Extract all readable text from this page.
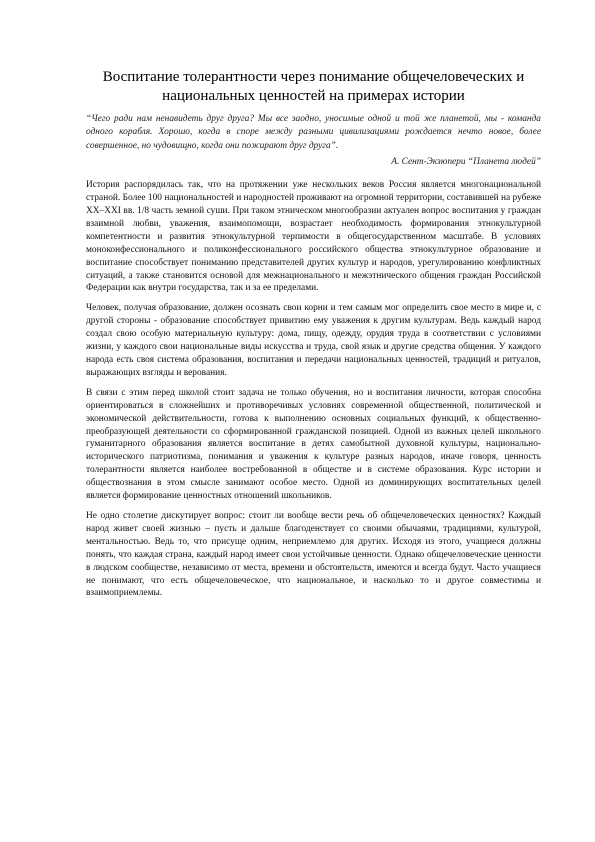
Воспитание толерантности через понимание общечеловеческих и национальных ценностей на примерах истории

“Чего ради нам ненавидеть друг друга? Мы все заодно, уносимые одной и той же планетой, мы - команда одного корабля. Хорошо, когда в споре между разными цивилизациями рождается нечто новое, более совершенное, но чудовищно, когда они пожирают друг друга”.

А. Сент-Экзюпери “Планета людей”

История распорядилась так, что на протяжении уже нескольких веков Россия является многонациональной страной. Более 100 национальностей и народностей проживают на огромной территории, составившей на рубеже XX–XXI вв. 1/8 часть земной суши. При таком этническом многообразии актуален вопрос воспитания у граждан взаимной любви, уважения, взаимопомощи, возрастает необходимость формирования этнокультурной компетентности и развития этнокультурной терпимости в общегосударственном масштабе. В условиях моноконфессионального и поликонфессионального российского общества этнокультурное образование и воспитание способствует пониманию представителей других культур и народов, урегулированию конфликтных ситуаций, а также становится основой для межнационального и межэтнического общения граждан Российской Федерации как внутри государства, так и за ее пределами.

Человек, получая образование, должен осознать свои корни и тем самым мог определить свое место в мире и, с другой стороны - образование способствует привитию ему уважения к другим культурам. Ведь каждый народ создал свою особую материальную культуру: дома, пищу, одежду, орудия труда в соответствии с условиями жизни, у каждого свои национальные виды искусства и труда, свой язык и другие средства общения. У каждого народа есть своя система образования, воспитания и передачи национальных ценностей, традиций и ритуалов, выражающих взгляды и верования.

В связи с этим перед школой стоит задача не только обучения, но и воспитания личности, которая способна ориентироваться в сложнейших и противоречивых условиях современной общественной, политической и экономической действительности, готова к выполнению основных социальных функций, к общественно-преобразующей деятельности со сформированной гражданской позицией. Одной из важных целей школьного гуманитарного образования является воспитание в детях самобытной духовной культуры, национально-исторического патриотизма, понимания и уважения к культуре разных народов, иначе говоря, ценность толерантности является наиболее востребованной в обществе и в системе образования. Курс истории и обществознания в этом смысле занимают особое место. Одной из доминирующих воспитательных целей является формирование ценностных отношений школьников.

Не одно столетие дискутирует вопрос: стоит ли вообще вести речь об общечеловеческих ценностях? Каждый народ живет своей жизнью – пусть и дальше благоденствует со своими обычаями, традициями, культурой, ментальностью. Ведь то, что присуще одним, неприемлемо для других. Исходя из этого, учащиеся должны понять, что каждая страна, каждый народ имеет свои устойчивые ценности. Однако общечеловеческие ценности в людском сообществе, независимо от места, времени и обстоятельств, имеются и всегда будут. Часто учащиеся не понимают, что есть общечеловеческое, что национальное, и насколько то и другое совместимы и взаимоприемлемы.
